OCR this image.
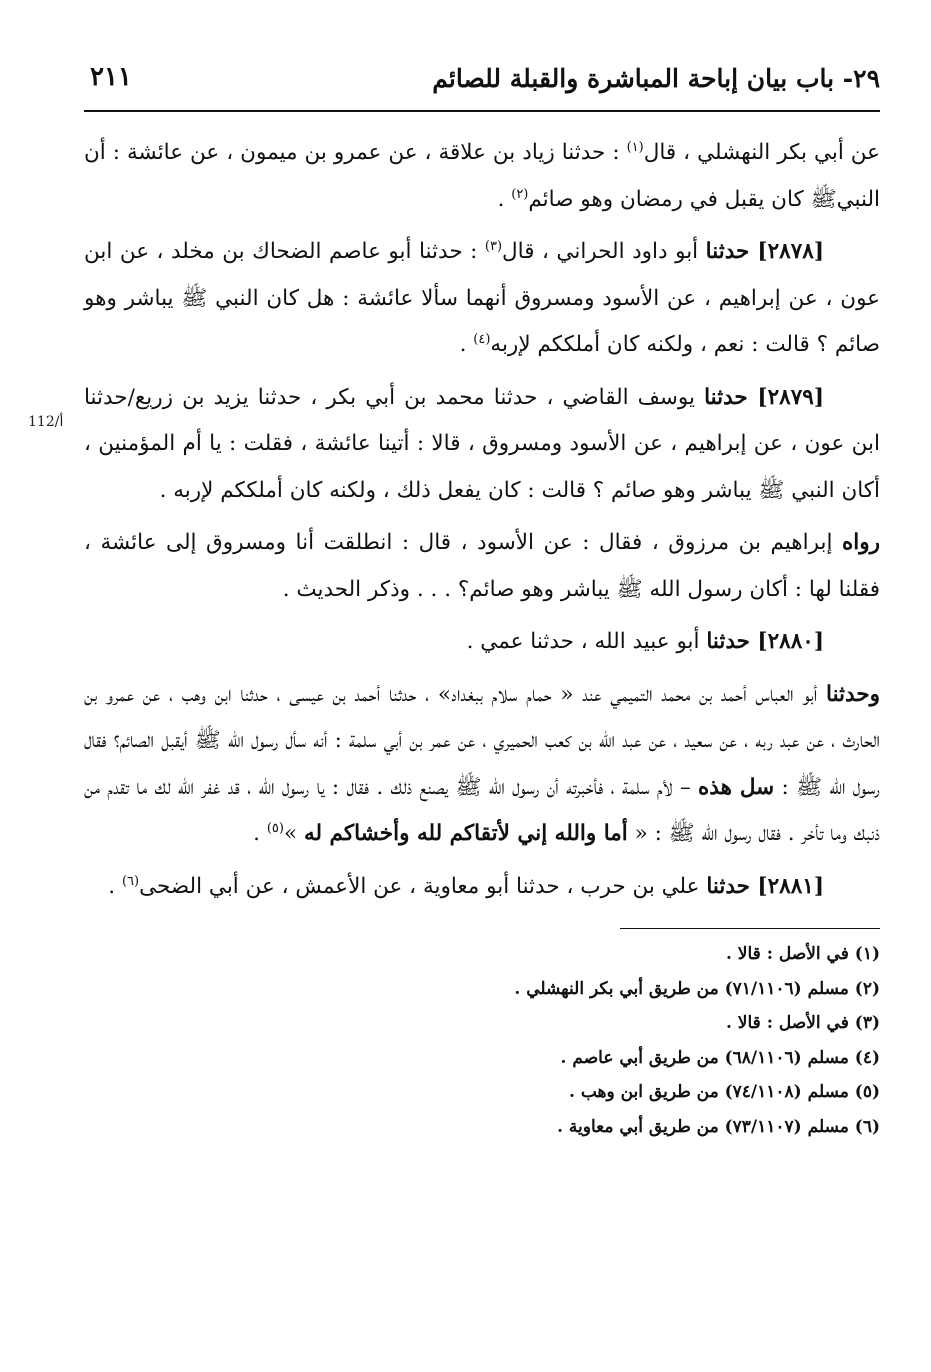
٢٩- باب بيان إباحة المباشرة والقبلة للصائم
٢١١

عن أبي بكر النهشلي ، قال$^{(١)}$ : حدثنا زياد بن علاقة ، عن عمرو بن ميمون ، عن عائشة : أن النبيﷺ كان يقبل في رمضان وهو صائم$^{(٢)}$ .

[٢٨٧٨] حدثنا أبو داود الحراني ، قال$^{(٣)}$ : حدثنا أبو عاصم الضحاك بن مخلد ، عن ابن عون ، عن إبراهيم ، عن الأسود ومسروق أنهما سألا عائشة : هل كان النبي ﷺ يباشر وهو صائم ؟ قالت : نعم ، ولكنه كان أملككم لإربه$^{(٤)}$ .

[٢٨٧٩] حدثنا يوسف القاضي ، حدثنا محمد بن أبي بكر ، حدثنا يزيد بن زريع/حدثنا ابن عون ، عن إبراهيم ، عن الأسود ومسروق ، قالا : أتينا عائشة ، فقلت : يا أم المؤمنين ، أكان النبي ﷺ يباشر وهو صائم ؟ قالت : كان يفعل ذلك ، ولكنه كان أملككم لإربه .

رواه إبراهيم بن مرزوق ، فقال : عن الأسود ، قال : انطلقت أنا ومسروق إلى عائشة ، فقلنا لها : أكان رسول الله ﷺ يباشر وهو صائم؟ . . . وذكر الحديث .

[٢٨٨٠] حدثنا أبو عبيد الله ، حدثنا عمي .

وحدثنا أبو العباس أحمد بن محمد التميمي عند « حمام سلام ببغداد» ، حدثنا أحمد بن عيسى ، حدثنا ابن وهب ، عن عمرو بن الحارث ، عن عبد ربه ، عن سعيد ، عن عبد الله بن كعب الحميري ، عن عمر بن أبي سلمة : أنه سأل رسول الله ﷺ أيقبل الصائم؟ فقال رسول الله ﷺ : سل هذه – لأم سلمة ، فأخبرته أن رسول الله ﷺ يصنع ذلك . فقال : يا رسول الله ، قد غفر الله لك ما تقدم من ذنبك وما تأخر . فقال رسول الله ﷺ : « أما والله إني لأتقاكم لله وأخشاكم له »$^{(٥)}$ .

[٢٨٨١] حدثنا علي بن حرب ، حدثنا أبو معاوية ، عن الأعمش ، عن أبي الضحى$^{(٦)}$ .

(١) في الأصل : قالا .
(٢) مسلم (٧١/١١٠٦) من طريق أبي بكر النهشلي .
(٣) في الأصل : قالا .
(٤) مسلم (٦٨/١١٠٦) من طريق أبي عاصم .
(٥) مسلم (٧٤/١١٠٨) من طريق ابن وهب .
(٦) مسلم (٧٣/١١٠٧) من طريق أبي معاوية .
112/أ
